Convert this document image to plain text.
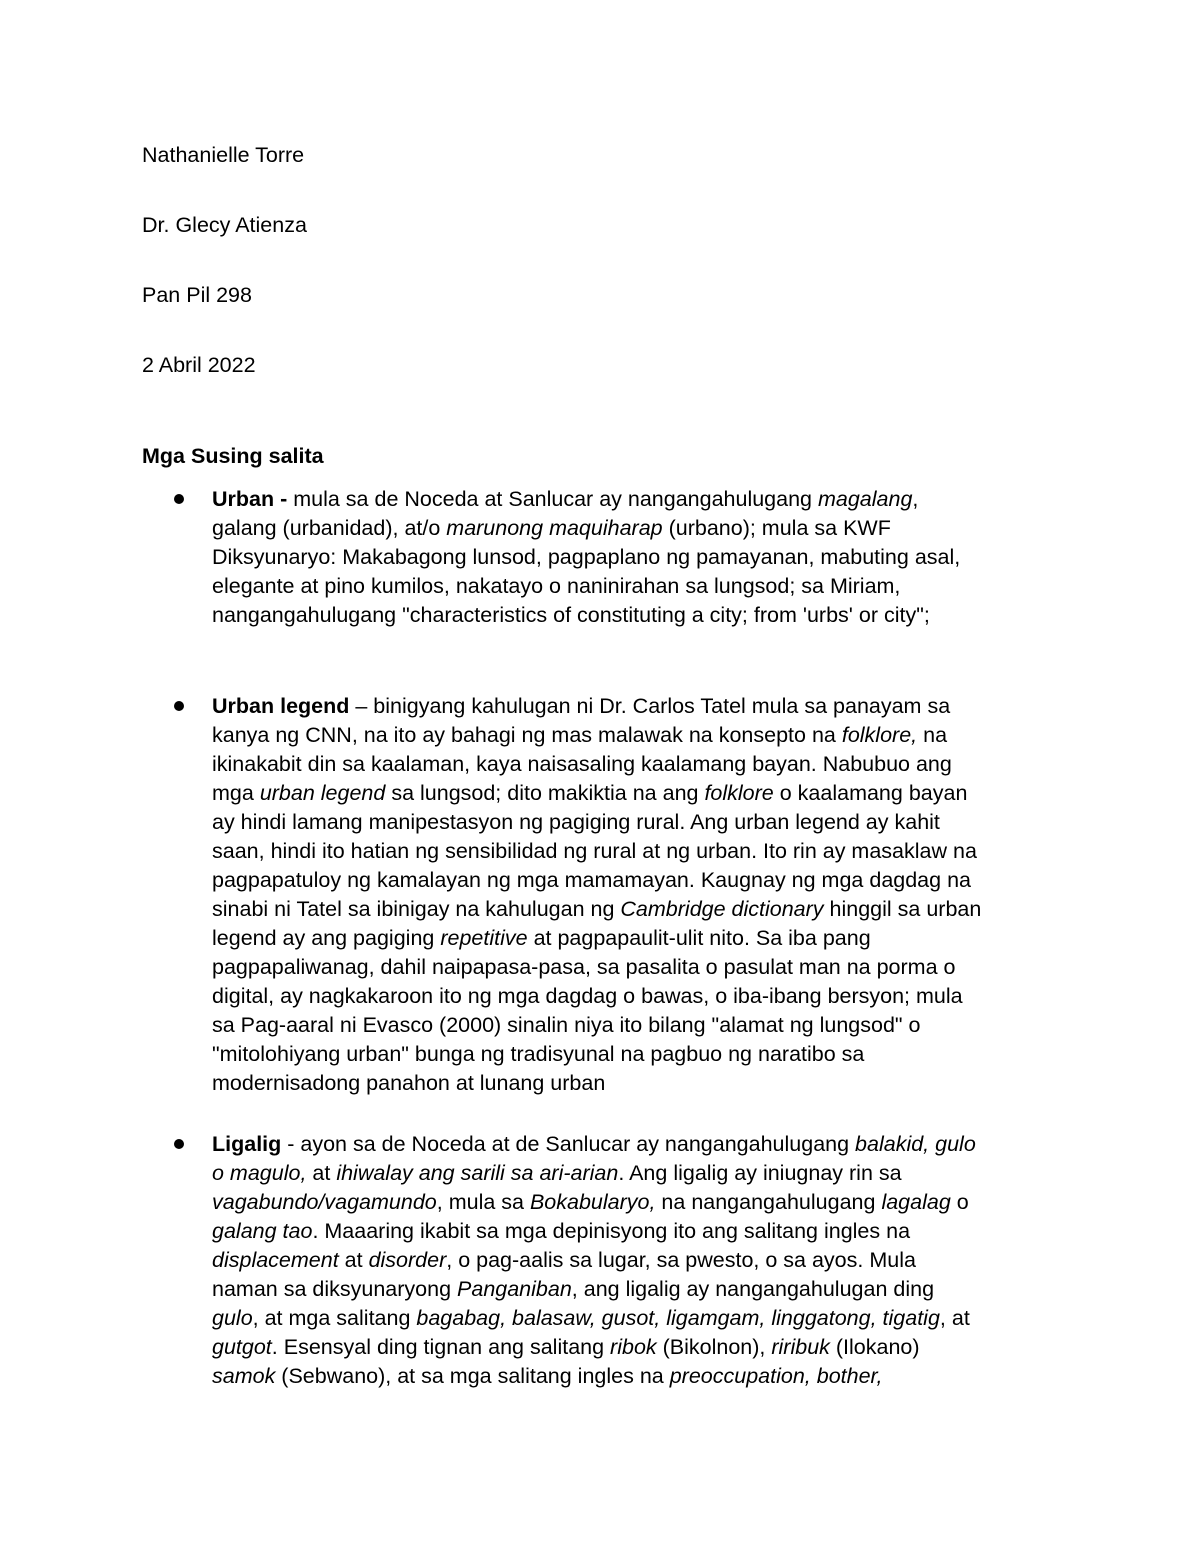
Nathanielle Torre
Dr. Glecy Atienza
Pan Pil 298
2 Abril 2022
Mga Susing salita
Urban - mula sa de Noceda at Sanlucar ay nangangahulugang magalang,
galang (urbanidad), at/o marunong maquiharap (urbano); mula sa KWF
Diksyunaryo: Makabagong lunsod, pagpaplano ng pamayanan, mabuting asal,
elegante at pino kumilos, nakatayo o naninirahan sa lungsod; sa Miriam,
nangangahulugang "characteristics of constituting a city; from 'urbs' or city";
Urban legend – binigyang kahulugan ni Dr. Carlos Tatel mula sa panayam sa
kanya ng CNN, na ito ay bahagi ng mas malawak na konsepto na folklore, na
ikinakabit din sa kaalaman, kaya naisasaling kaalamang bayan. Nabubuo ang
mga urban legend sa lungsod; dito makiktia na ang folklore o kaalamang bayan
ay hindi lamang manipestasyon ng pagiging rural. Ang urban legend ay kahit
saan, hindi ito hatian ng sensibilidad ng rural at ng urban. Ito rin ay masaklaw na
pagpapatuloy ng kamalayan ng mga mamamayan. Kaugnay ng mga dagdag na
sinabi ni Tatel sa ibinigay na kahulugan ng Cambridge dictionary hinggil sa urban
legend ay ang pagiging repetitive at pagpapaulit-ulit nito. Sa iba pang
pagpapaliwanag, dahil naipapasa-pasa, sa pasalita o pasulat man na porma o
digital, ay nagkakaroon ito ng mga dagdag o bawas, o iba-ibang bersyon; mula
sa Pag-aaral ni Evasco (2000) sinalin niya ito bilang "alamat ng lungsod" o
"mitolohiyang urban" bunga ng tradisyunal na pagbuo ng naratibo sa
modernisadong panahon at lunang urban
Ligalig - ayon sa de Noceda at de Sanlucar ay nangangahulugang balakid, gulo
o magulo, at ihiwalay ang sarili sa ari-arian. Ang ligalig ay iniugnay rin sa
vagabundo/vagamundo, mula sa Bokabularyo, na nangangahulugang lagalag o
galang tao. Maaaring ikabit sa mga depinisyong ito ang salitang ingles na
displacement at disorder, o pag-aalis sa lugar, sa pwesto, o sa ayos. Mula
naman sa diksyunaryong Panganiban, ang ligalig ay nangangahulugan ding
gulo, at mga salitang bagabag, balasaw, gusot, ligamgam, linggatong, tigatig, at
gutgot. Esensyal ding tignan ang salitang ribok (Bikolnon), riribuk (Ilokano)
samok (Sebwano), at sa mga salitang ingles na preoccupation, bother,
